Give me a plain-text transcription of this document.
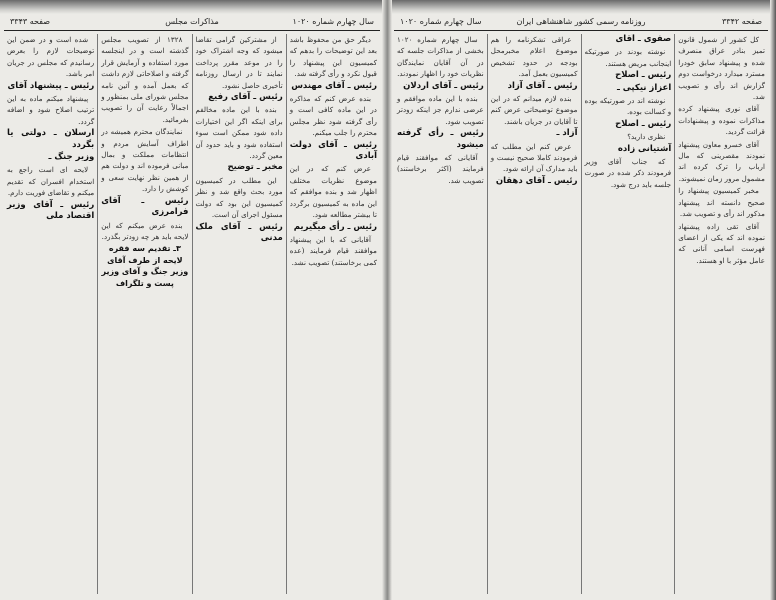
سال چهارم شماره ۱۰۲۰
مذاکرات مجلس
صفحه ۳۳۴۳

دیگر حق من محفوظ باشد بعد این توضیحات را بدهم که کمیسیون این پیشنهاد را قبول نکرد و رأی گرفته شد.

رئیس ـ آقای مهندس

بنده عرض کنم که مذاکره در این ماده کافی است و رأی گرفته شود نظر مجلس محترم را جلب میکنم.

رئیس ـ آقای دولت آبادی

عرض کنم که در این موضوع نظریات مختلف اظهار شد و بنده موافقم که این ماده به کمیسیون برگردد تا بیشتر مطالعه شود.

رئیس ـ رأی میگیریم

آقایانی که با این پیشنهاد موافقند قیام فرمایند (عده کمی برخاستند) تصویب نشد.

از مشترکین گرامی تقاضا میشود که وجه اشتراک خود را در موعد مقرر پرداخت نمایند تا در ارسال روزنامه تأخیری حاصل نشود.

رئیس ـ آقای رفیع

بنده با این ماده مخالفم برای اینکه اگر این اختیارات داده شود ممکن است سوء استفاده شود و باید حدود آن معین گردد.

مخبر ـ توضیح

این مطلب در کمیسیون مورد بحث واقع شد و نظر کمیسیون این بود که دولت مسئول اجرای آن است.

رئیس ـ آقای ملک مدنی

۱۳۲۸ از تصویب مجلس گذشته است و در اینجلسه مورد استفاده و آزمایش قرار گرفته و اصلاحاتی لازم داشت که بعمل آمده و آئین نامه مجلس شورای ملی بمنظور و اجمالاً رعایت آن را تصویب بفرمائید.

نمایندگان محترم همیشه در اطراف آسایش مردم و انتظامات مملکت و بمال مبانی فرموده اند و دولت هم از همین نظر نهایت سعی و کوشش را دارد.

رئیس ـ آقای فرامرزی

بنده عرض میکنم که این لایحه باید هر چه زودتر بگذرد.

۳ـ تقدیم سه فقره لایحه از طرف آقای وزیر جنگ و آقای وزیر پست و تلگراف

شده است و در ضمن این توضیحات لازم را بعرض رسانیدم که مجلس در جریان امر باشد.

رئیس ـ پیشنهاد آقای

پیشنهاد میکنم ماده به این ترتیب اصلاح شود و اضافه گردد.

ارسلان ـ دولتی یا بگردد

وزیر جنگ ـ

لایحه ای است راجع به استخدام افسران که تقدیم میکنم و تقاضای فوریت دارم.

رئیس ـ آقای وزیر اقتصاد ملی

صفحه ۳۳۴۲
روزنامه رسمی کشور شاهنشاهی ایران
سال چهارم شماره ۱۰۲۰

کل کشور از شمول قانون تمیز بنادر عراق منصرف شده و پیشنهاد سابق خودرا مسترد میدارد درخواست دوم گزارش اند رأی و تصویب شد.

آقای نوری پیشنهاد کرده مذاکرات نموده و پیشنهادات قرائت گردید.

آقای خسرو معاون پیشنهاد نمودند مقصرینی که مال ارباب را ترک کرده اند مشمول مرور زمان نمیشوند.

مخبر کمیسیون پیشنهاد را صحیح دانسته اند پیشنهاد مذکور اند رأی و تصویب شد.

آقای تقی زاده پیشنهاد نموده اند که یکی از اعضای فهرست اسامی آنانی که عامل مؤثر با او هستند.

صفوی ـ آقای

نوشته بودند در صورتیکه اینجانب مریض هستند.

رئیس ـ اصلاح

اعزاز نیکپی ـ

نوشته اند در صورتیکه بوده و کسالت بوده.

رئیس ـ اصلاح

نظری دارید؟

آشتیانی زاده

که جناب آقای وزیر فرمودند ذکر شده در صورت جلسه باید درج شود.

عراقی تشکرنامه را هم موضوع اعلام مخبرمحل بودجه در حدود تشخیص کمیسیون بعمل آمد.

رئیس ـ آقای آزاد

بنده لازم میدانم که در این موضوع توضیحاتی عرض کنم تا آقایان در جریان باشند.

آزاد ـ

عرض کنم این مطلب که فرمودند کاملا صحیح نیست و باید مدارک آن ارائه شود.

رئیس ـ آقای دهقان

سال چهارم شماره ۱۰۲۰ بخشی از مذاکرات جلسه که در آن آقایان نمایندگان نظریات خود را اظهار نمودند.

رئیس ـ آقای اردلان

بنده با این ماده موافقم و عرضی ندارم جز اینکه زودتر تصویب شود.

رئیس ـ رأی گرفته میشود

آقایانی که موافقند قیام فرمایند (اکثر برخاستند) تصویب شد.
